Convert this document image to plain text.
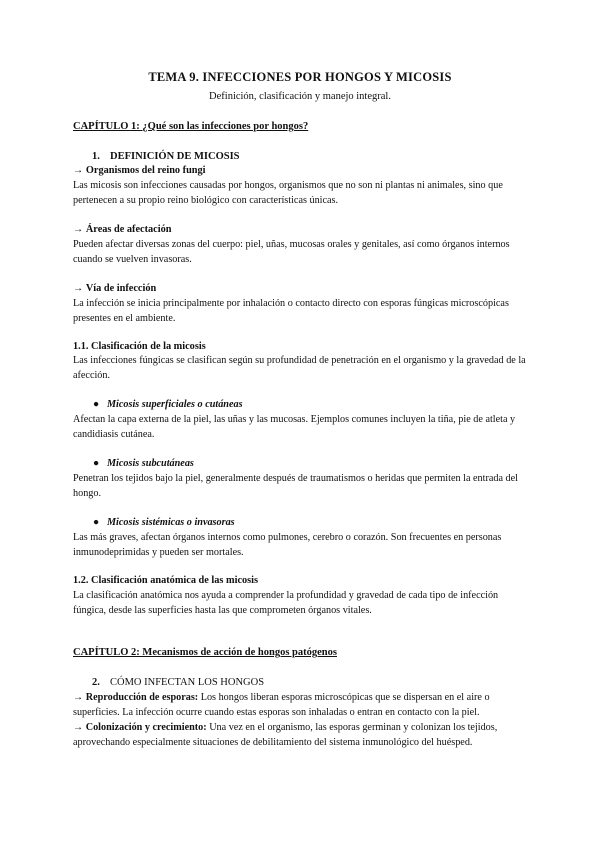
TEMA 9. INFECCIONES POR HONGOS Y MICOSIS
Definición, clasificación y manejo integral.
CAPÍTULO 1: ¿Qué son las infecciones por hongos?
1. DEFINICIÓN DE MICOSIS
→ Organismos del reino fungi
Las micosis son infecciones causadas por hongos, organismos que no son ni plantas ni animales, sino que pertenecen a su propio reino biológico con características únicas.
→ Áreas de afectación
Pueden afectar diversas zonas del cuerpo: piel, uñas, mucosas orales y genitales, así como órganos internos cuando se vuelven invasoras.
→ Vía de infección
La infección se inicia principalmente por inhalación o contacto directo con esporas fúngicas microscópicas presentes en el ambiente.
1.1. Clasificación de la micosis
Las infecciones fúngicas se clasifican según su profundidad de penetración en el organismo y la gravedad de la afección.
● Micosis superficiales o cutáneas
Afectan la capa externa de la piel, las uñas y las mucosas. Ejemplos comunes incluyen la tiña, pie de atleta y candidiasis cutánea.
● Micosis subcutáneas
Penetran los tejidos bajo la piel, generalmente después de traumatismos o heridas que permiten la entrada del hongo.
● Micosis sistémicas o invasoras
Las más graves, afectan órganos internos como pulmones, cerebro o corazón. Son frecuentes en personas inmunodeprimidas y pueden ser mortales.
1.2. Clasificación anatómica de las micosis
La clasificación anatómica nos ayuda a comprender la profundidad y gravedad de cada tipo de infección fúngica, desde las superficies hasta las que comprometen órganos vitales.
CAPÍTULO 2: Mecanismos de acción de hongos patógenos
2. CÓMO INFECTAN LOS HONGOS
→ Reproducción de esporas: Los hongos liberan esporas microscópicas que se dispersan en el aire o superficies. La infección ocurre cuando estas esporas son inhaladas o entran en contacto con la piel.
→ Colonización y crecimiento: Una vez en el organismo, las esporas germinan y colonizan los tejidos, aprovechando especialmente situaciones de debilitamiento del sistema inmunológico del huésped.
